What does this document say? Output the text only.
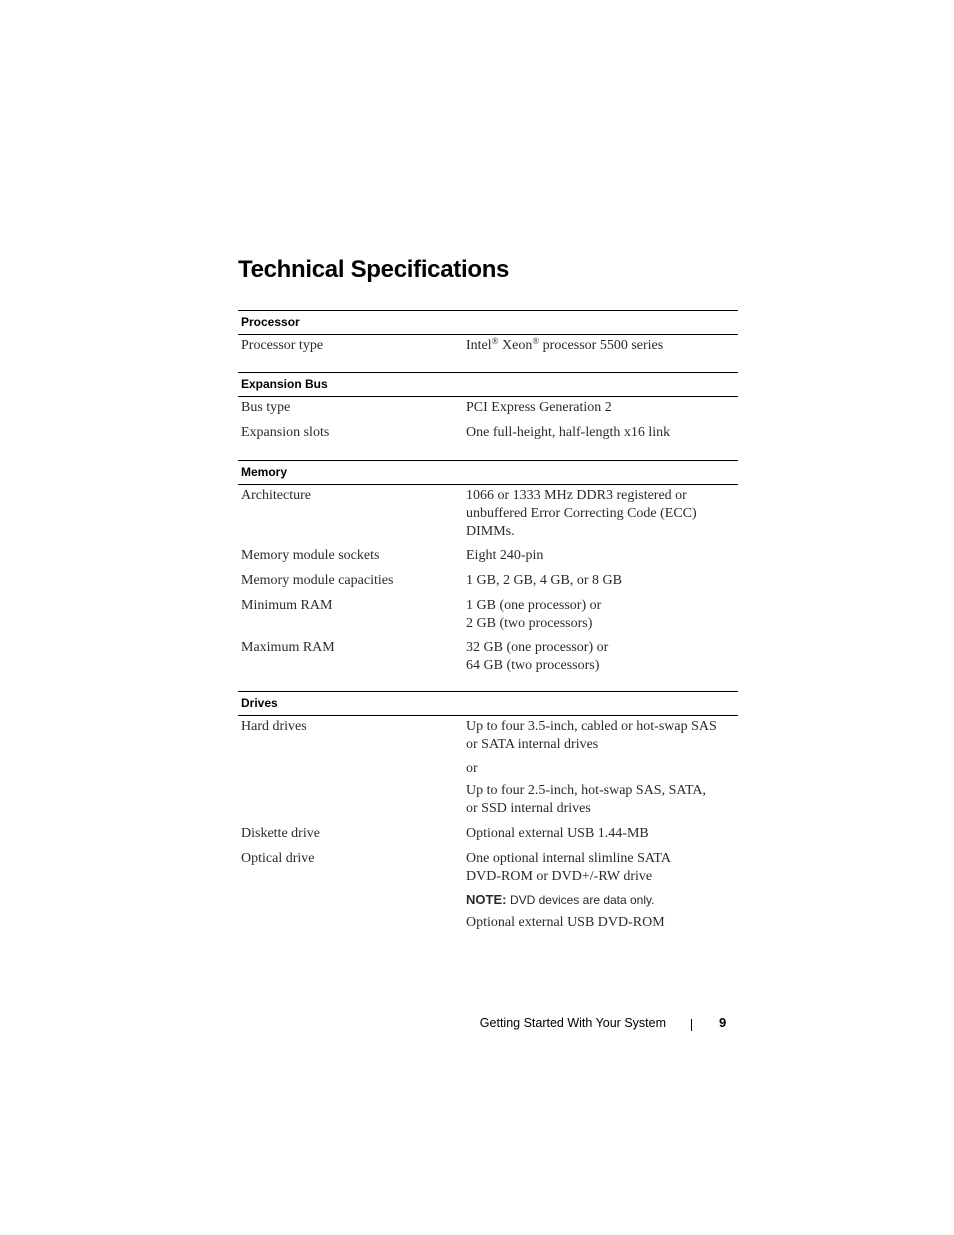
Technical Specifications
Processor
Processor type	Intel® Xeon® processor 5500 series
Expansion Bus
Bus type	PCI Express Generation 2
Expansion slots	One full-height, half-length x16 link
Memory
Architecture	1066 or 1333 MHz DDR3 registered or
unbuffered Error Correcting Code (ECC)
DIMMs.
Memory module sockets	Eight 240-pin
Memory module capacities	1 GB, 2 GB, 4 GB, or 8 GB
Minimum RAM	1 GB (one processor) or
2 GB (two processors)
Maximum RAM	32 GB (one processor) or
64 GB (two processors)
Drives
Hard drives	Up to four 3.5-inch, cabled or hot-swap SAS
or SATA internal drives
or
Up to four 2.5-inch, hot-swap SAS, SATA,
or SSD internal drives
Diskette drive	Optional external USB 1.44-MB
Optical drive	One optional internal slimline SATA
DVD-ROM or DVD+/-RW drive
NOTE: DVD devices are data only.
Optional external USB DVD-ROM
Getting Started With Your System	9
